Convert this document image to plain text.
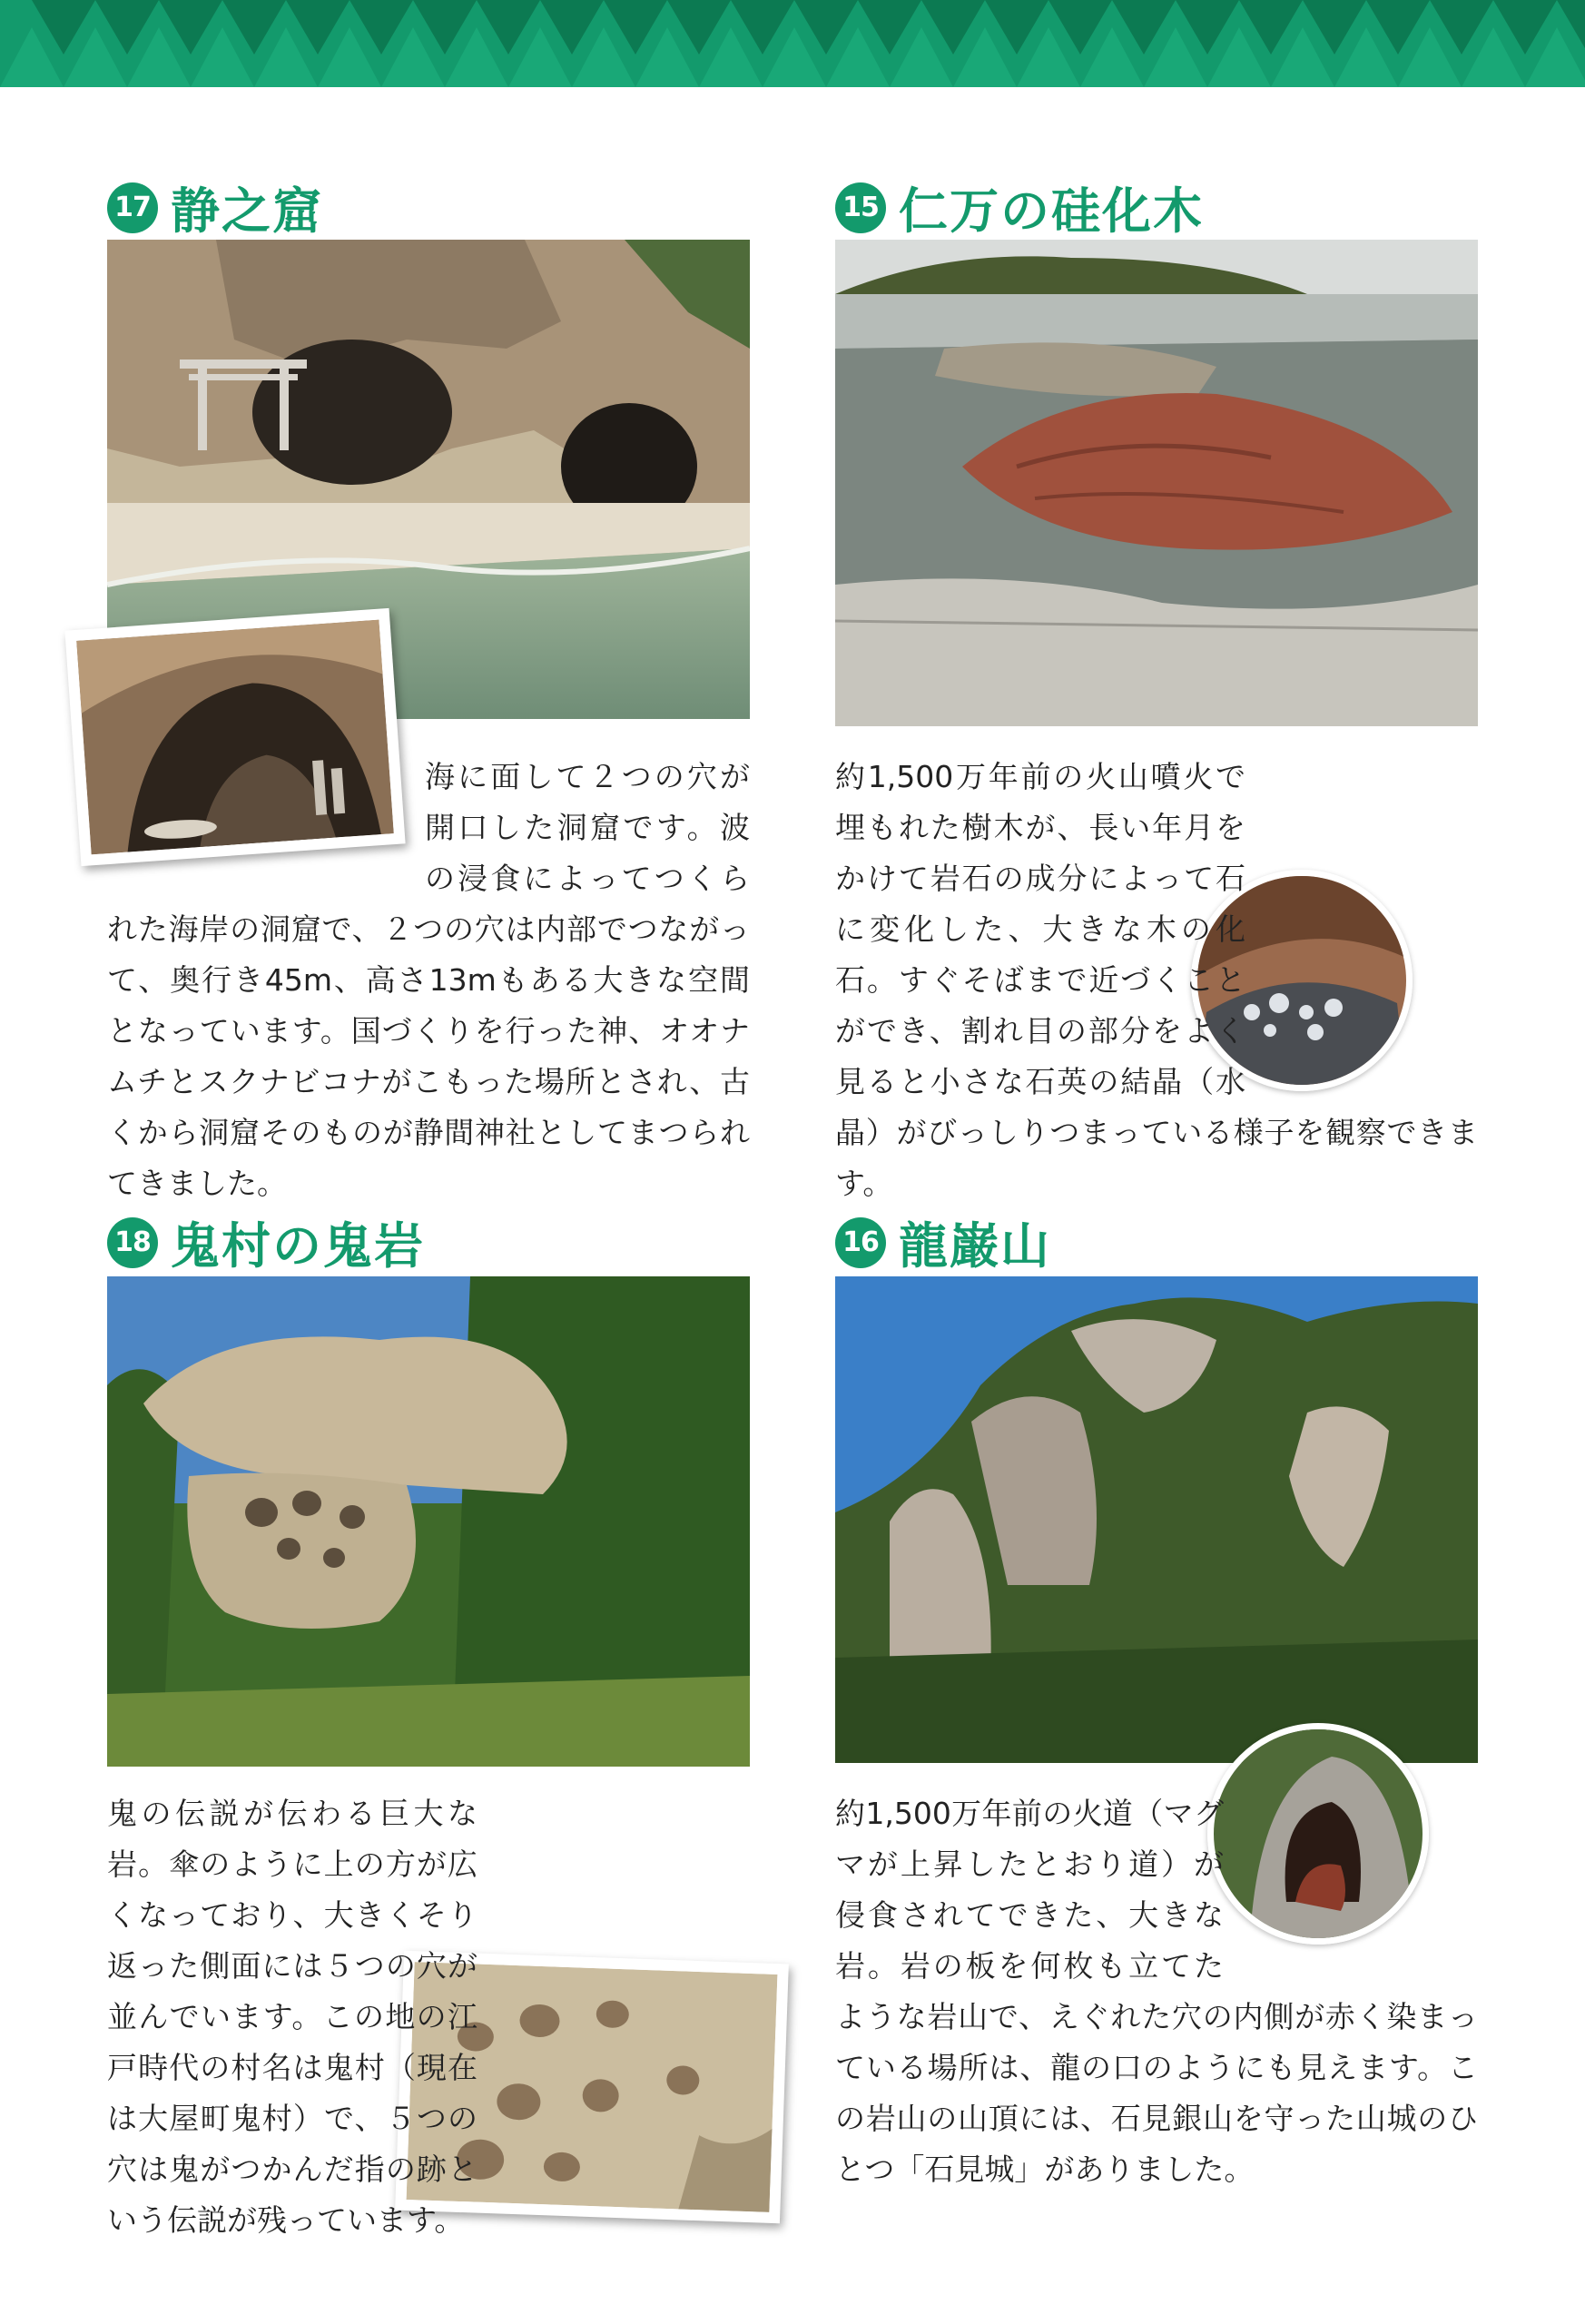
17 静之窟
海に面して２つの穴が開口した洞窟です。波の浸食によってつくられた海岸の洞窟で、２つの穴は内部でつながって、奥行き45m、高さ13mもある大きな空間となっています。国づくりを行った神、オオナムチとスクナビコナがこもった場所とされ、古くから洞窟そのものが静間神社としてまつられてきました。
15 仁万の硅化木
約1,500万年前の火山噴火で埋もれた樹木が、長い年月をかけて岩石の成分によって石に変化した、大きな木の化石。すぐそばまで近づくことができ、割れ目の部分をよく見ると小さな石英の結晶（水晶）がびっしりつまっている様子を観察できます。
18 鬼村の鬼岩
鬼の伝説が伝わる巨大な岩。傘のように上の方が広くなっており、大きくそり返った側面には５つの穴が並んでいます。この地の江戸時代の村名は鬼村（現在は大屋町鬼村）で、５つの穴は鬼がつかんだ指の跡という伝説が残っています。
16 龍巌山
約1,500万年前の火道（マグマが上昇したとおり道）が侵食されてできた、大きな岩。岩の板を何枚も立てたような岩山で、えぐれた穴の内側が赤く染まっている場所は、龍の口のようにも見えます。この岩山の山頂には、石見銀山を守った山城のひとつ「石見城」がありました。
